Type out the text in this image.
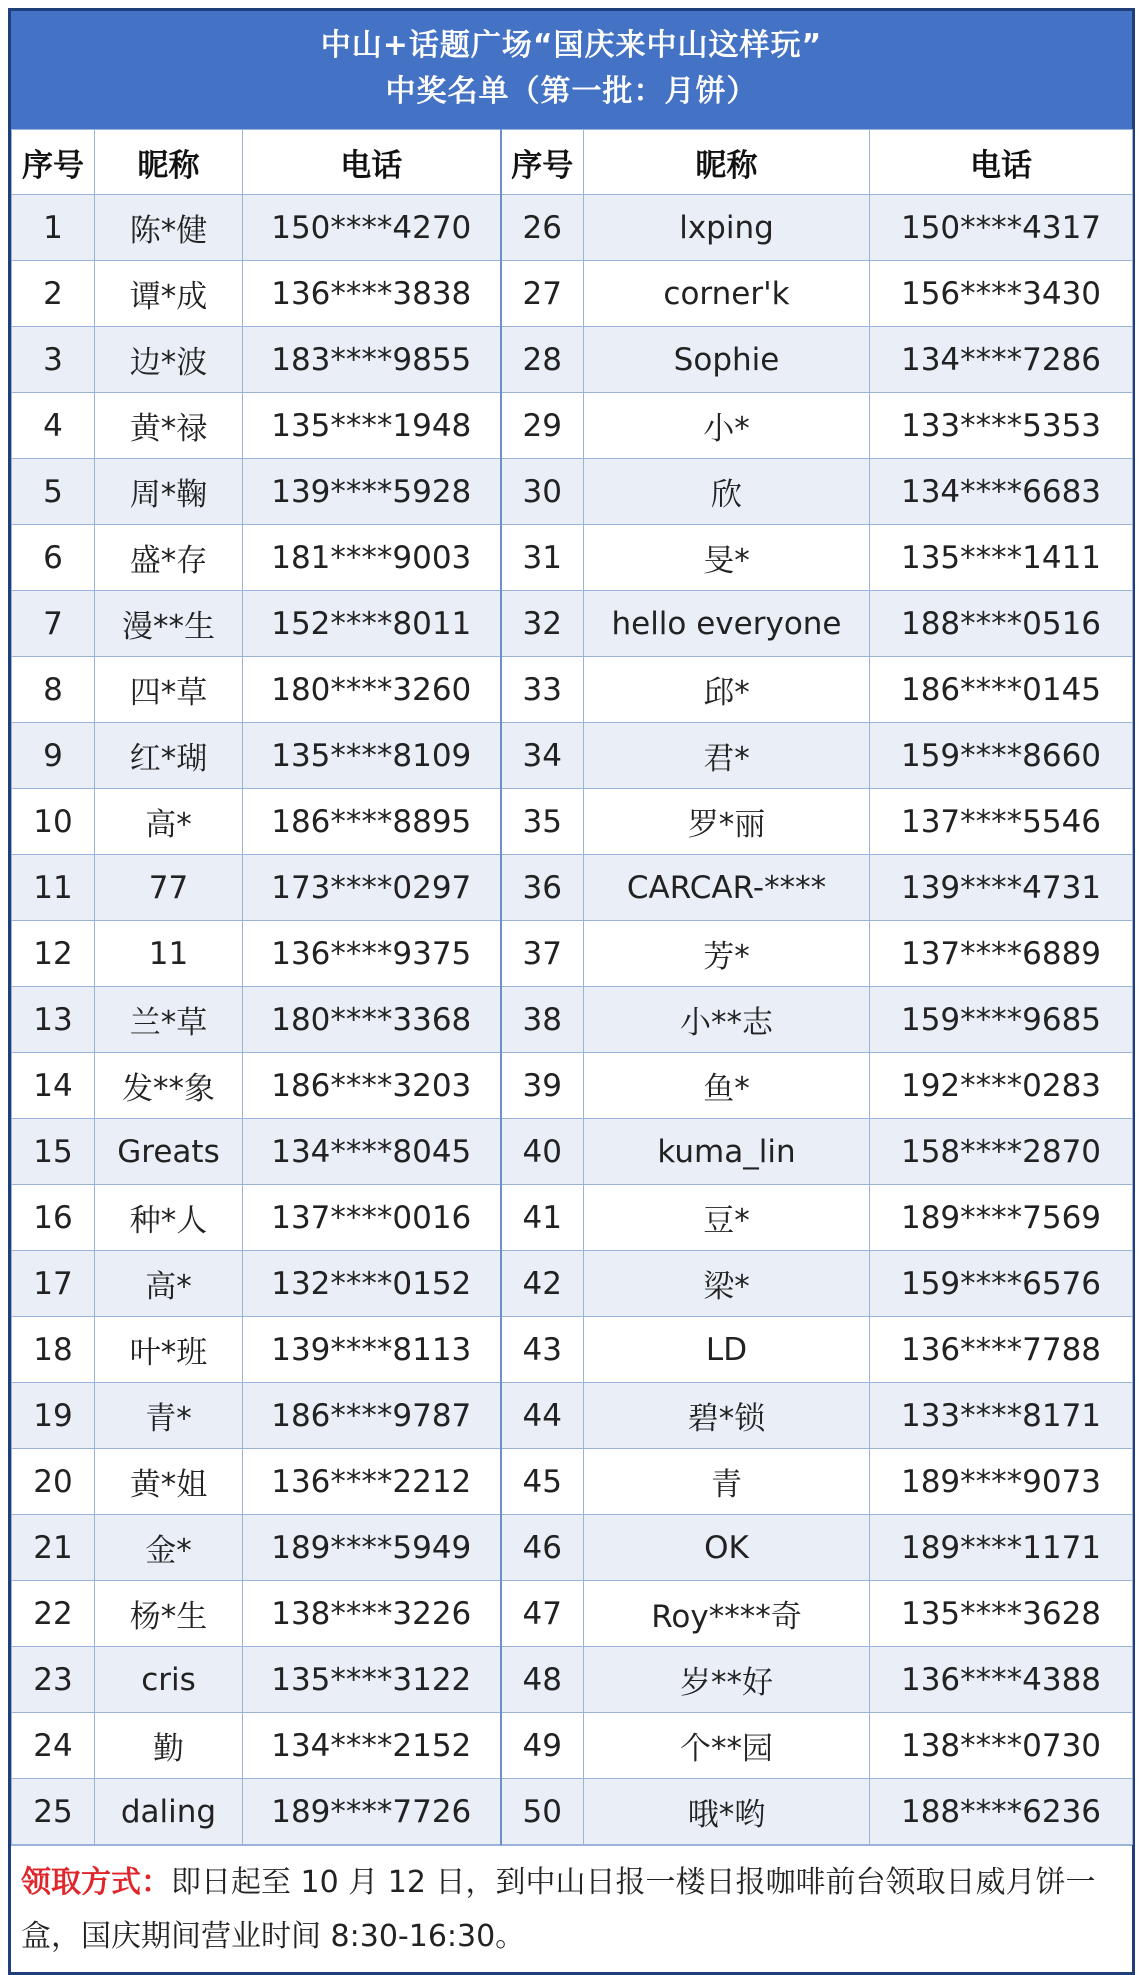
中山+话题广场“国庆来中山这样玩”
中奖名单（第一批：月饼）
序号	昵称	电话	序号	昵称	电话
1	陈*健	150****4270	26	lxping	150****4317
2	谭*成	136****3838	27	corner'k	156****3430
3	边*波	183****9855	28	Sophie	134****7286
4	黄*禄	135****1948	29	小*	133****5353
5	周*鞠	139****5928	30	欣	134****6683
6	盛*存	181****9003	31	旻*	135****1411
7	漫**生	152****8011	32	hello everyone	188****0516
8	四*草	180****3260	33	邱*	186****0145
9	红*瑚	135****8109	34	君*	159****8660
10	高*	186****8895	35	罗*丽	137****5546
11	77	173****0297	36	CARCAR-****	139****4731
12	11	136****9375	37	芳*	137****6889
13	兰*草	180****3368	38	小**志	159****9685
14	发**象	186****3203	39	鱼*	192****0283
15	Greats	134****8045	40	kuma_lin	158****2870
16	种*人	137****0016	41	豆*	189****7569
17	高*	132****0152	42	梁*	159****6576
18	叶*班	139****8113	43	LD	136****7788
19	青*	186****9787	44	碧*锁	133****8171
20	黄*姐	136****2212	45	青	189****9073
21	金*	189****5949	46	OK	189****1171
22	杨*生	138****3226	47	Roy****奇	135****3628
23	cris	135****3122	48	岁**好	136****4388
24	勤	134****2152	49	个**园	138****0730
25	daling	189****7726	50	哦*哟	188****6236
领取方式：即日起至 10 月 12 日，到中山日报一楼日报咖啡前台领取日威月饼一盒，国庆期间营业时间 8:30-16:30。
